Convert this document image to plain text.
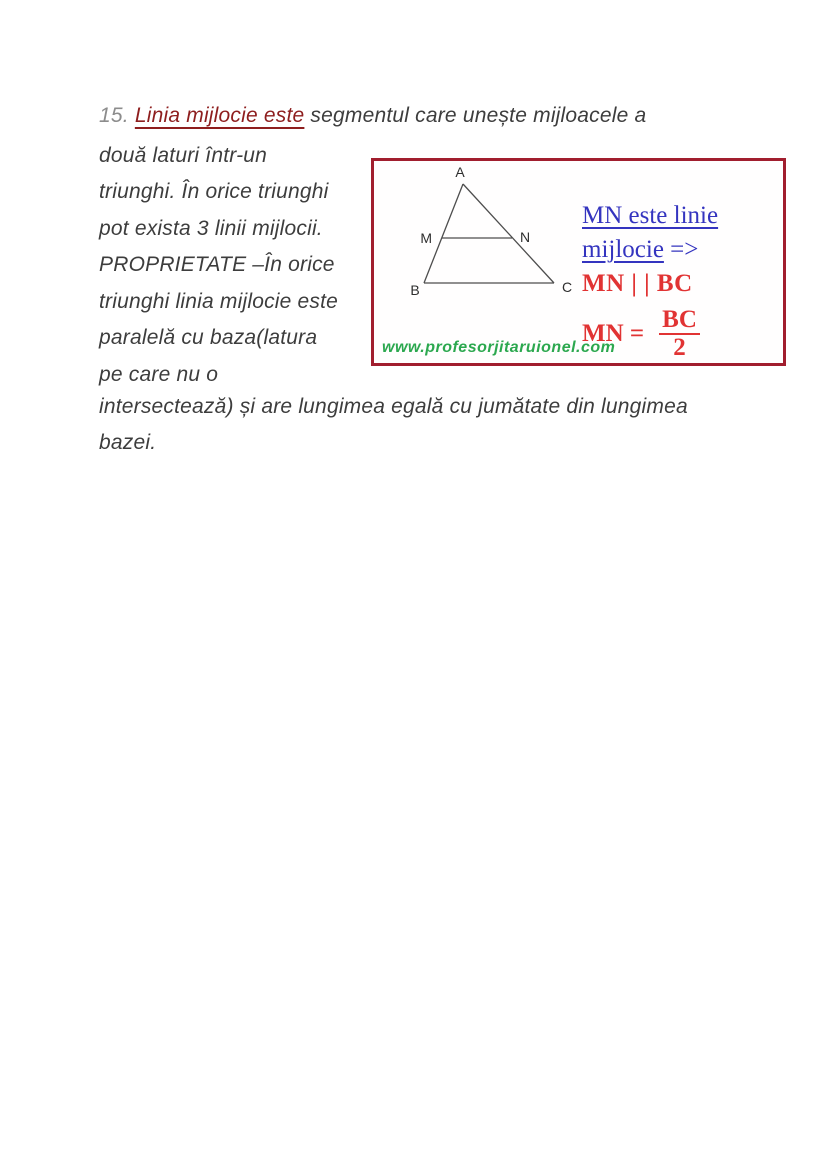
15. Linia mijlocie este segmentul care unește mijloacele a
două laturi într-un
triunghi. În orice triunghi
pot exista 3 linii mijlocii.
PROPRIETATE –În orice
triunghi linia mijlocie este
paralelă cu baza(latura
pe care nu o
intersectează) și are lungimea egală cu jumătate din lungimea
bazei.
A
M	N
B	C
MN este linie
mijlocie =>
MN | | BC
MN = $\frac{BC}{2}$
www.profesorjitaruionel.com
